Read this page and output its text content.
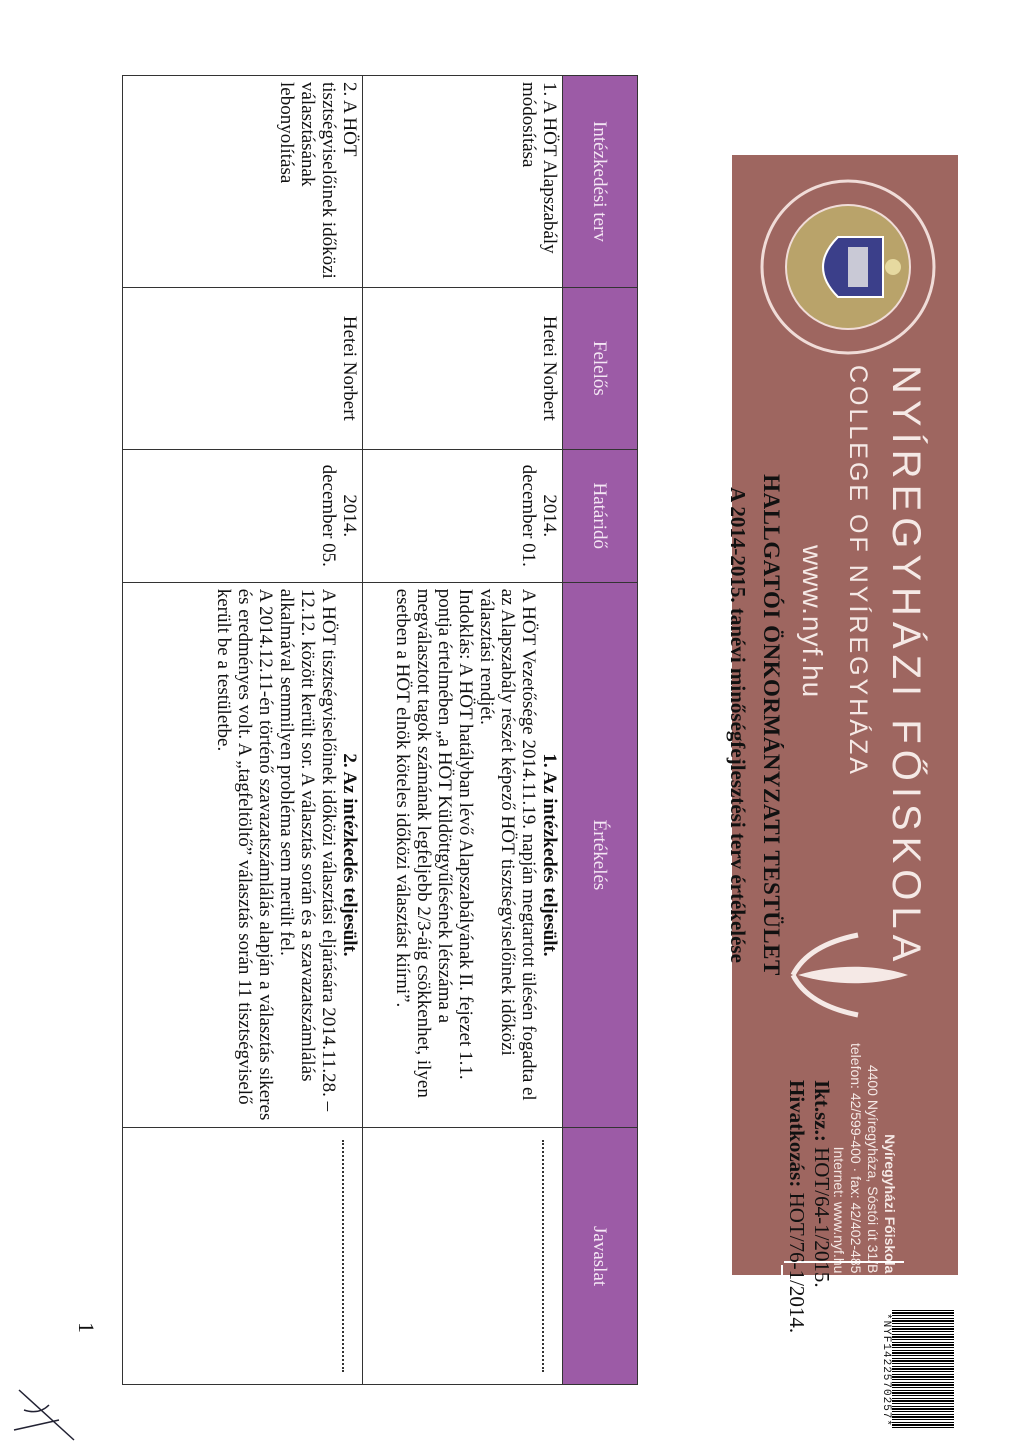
NYÍREGYHÁZI FŐISKOLA
COLLEGE OF NYÍREGYHÁZA
www.nyf.hu
Nyíregyházi Főiskola
4400 Nyíregyháza, Sóstói út 31/B
telefon: 42/599-400 · fax: 42/402-485
Internet: www.nyf.hu
*NYF1422570257*
Ikt.sz.: HOT/64-1/2015.
Hivatkozás: HOT/76-1/2014.
HALLGATÓI ÖNKORMÁNYZATI TESTÜLET
A 2014-2015. tanévi minőségfejlesztési terv értékelése
Intézkedési terv	Felelős	Határidő	Értékelés	Javaslat
1. A HÖT Alapszabály módosítása	Hetei Norbert	2014. december 01.	1. Az intézkedés teljesült.

A HÖT Vezetősége 2014.11.19. napján megtartott ülésén fogadta el az Alapszabály részét képező HÖT tisztségviselőinek időközi választási rendjét.

Indoklás: A HÖT hatályban lévő Alapszabályának II. fejezet 1.1. pontja értelmében „a HÖT Küldöttgyűlésének létszáma a megválasztott tagok számának legfeljebb 2/3-áig csökkenhet, ilyen esetben a HÖT elnök köteles időközi választást kiírni”.	

2. A HÖT tisztségviselőinek időközi választásának lebonyolítása	Hetei Norbert	2014. december 05.	2. Az intézkedés teljesült.

A HÖT tisztségviselőinek időközi választási eljárására 2014.11.28. – 12.12. között került sor. A választás során és a szavazatszámlálás alkalmával semmilyen probléma sem merült fel.

A 2014.12.11-én történő szavazatszámlálás alapján a választás sikeres és eredményes volt. A „tagfeltöltő” választás során 11 tisztségviselő került be a testületbe.	

1
